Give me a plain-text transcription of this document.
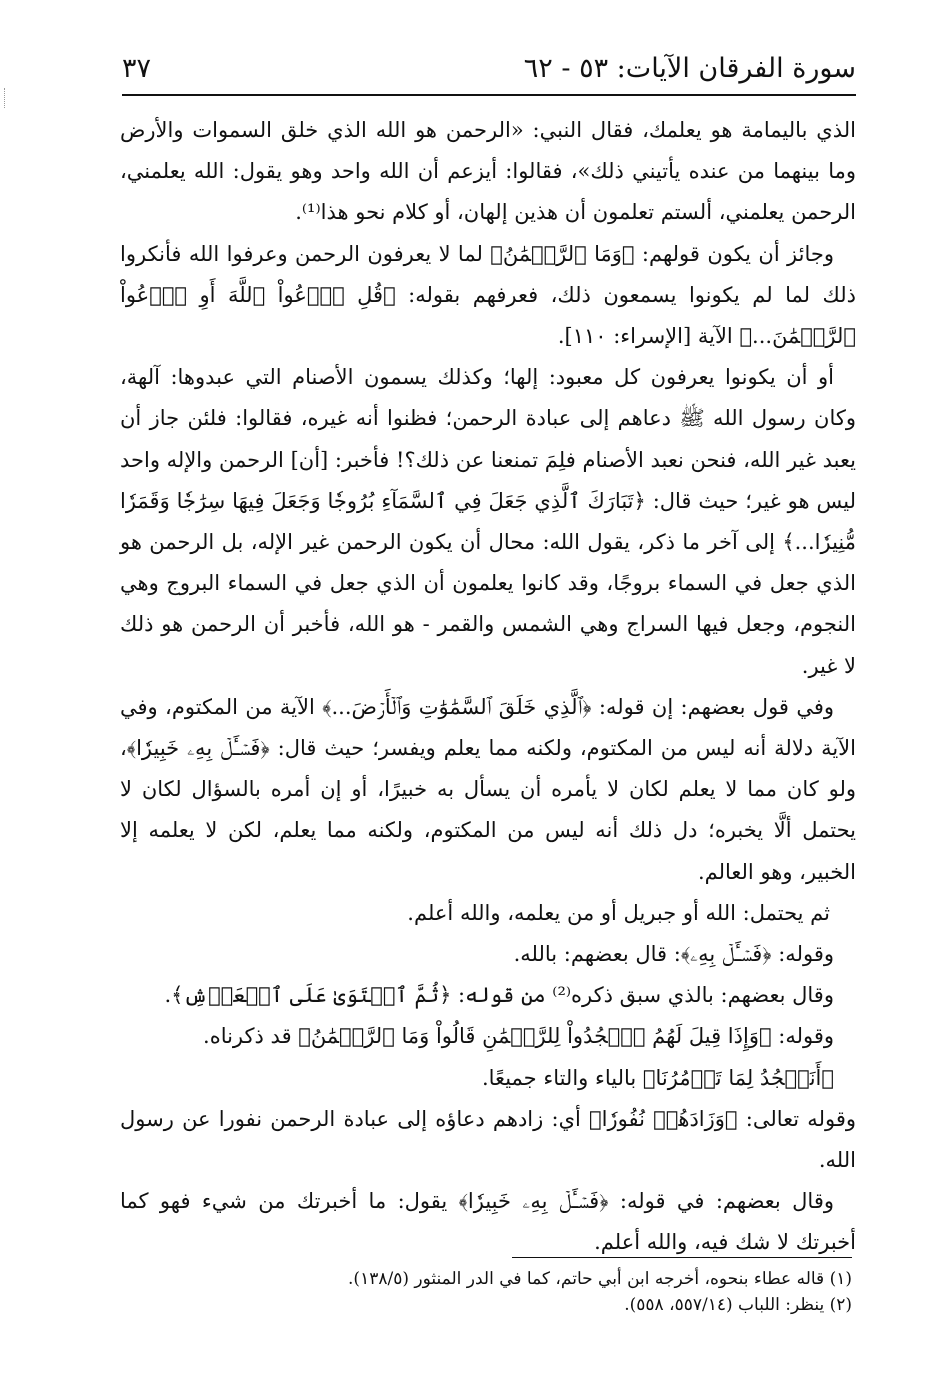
سورة الفرقان الآيات: ٥٣ - ٦٢
٣٧

الذي باليمامة هو يعلمك، فقال النبي: «الرحمن هو الله الذي خلق السموات والأرض وما بينهما من عنده يأتيني ذلك»، فقالوا: أيزعم أن الله واحد وهو يقول: الله يعلمني، الرحمن يعلمني، ألستم تعلمون أن هذين إلهان، أو كلام نحو هذا⁽¹⁾.

وجائز أن يكون قولهم: ﴿وَمَا ٱلرَّحۡمَٰنُ﴾ لما لا يعرفون الرحمن وعرفوا الله فأنكروا ذلك لما لم يكونوا يسمعون ذلك، فعرفهم بقوله: ﴿قُلِ ٱدۡعُواْ ٱللَّهَ أَوِ ٱدۡعُواْ ٱلرَّحۡمَٰنَ...﴾ الآية [الإسراء: ١١٠].

أو أن يكونوا يعرفون كل معبود: إلها؛ وكذلك يسمون الأصنام التي عبدوها: آلهة، وكان رسول الله ﷺ دعاهم إلى عبادة الرحمن؛ فظنوا أنه غيره، فقالوا: فلئن جاز أن يعبد غير الله، فنحن نعبد الأصنام فلِمَ تمنعنا عن ذلك؟! فأخبر: [أن] الرحمن والإله واحد ليس هو غير؛ حيث قال: ﴿تَبَارَكَ ٱلَّذِي جَعَلَ فِي ٱلسَّمَآءِ بُرُوجٗا وَجَعَلَ فِيهَا سِرَٰجٗا وَقَمَرٗا مُّنِيرٗا...﴾ إلى آخر ما ذكر، يقول الله: محال أن يكون الرحمن غير الإله، بل الرحمن هو الذي جعل في السماء بروجًا، وقد كانوا يعلمون أن الذي جعل في السماء البروج وهي النجوم، وجعل فيها السراج وهي الشمس والقمر - هو الله، فأخبر أن الرحمن هو ذلك لا غير.

وفي قول بعضهم: إن قوله: ﴿ٱلَّذِي خَلَقَ ٱلسَّمَٰوَٰتِ وَٱلۡأَرۡضَ...﴾ الآية من المكتوم، وفي الآية دلالة أنه ليس من المكتوم، ولكنه مما يعلم ويفسر؛ حيث قال: ﴿فَسۡـَٔلۡ بِهِۦ خَبِيرٗا﴾، ولو كان مما لا يعلم لكان لا يأمره أن يسأل به خبيرًا، أو إن أمره بالسؤال لكان لا يحتمل ألَّا يخبره؛ دل ذلك أنه ليس من المكتوم، ولكنه مما يعلم، لكن لا يعلمه إلا الخبير، وهو العالم.

ثم يحتمل: الله أو جبريل أو من يعلمه، والله أعلم.

وقوله: ﴿فَسۡـَٔلۡ بِهِۦ﴾: قال بعضهم: بالله.

وقال بعضهم: بالذي سبق ذكره⁽²⁾ من قوله: ﴿ثُمَّ ٱسۡتَوَىٰ عَلَى ٱلۡعَرۡشِ﴾.

وقوله: ﴿وَإِذَا قِيلَ لَهُمُ ٱسۡجُدُواْ لِلرَّحۡمَٰنِ قَالُواْ وَمَا ٱلرَّحۡمَٰنُ﴾ قد ذكرناه.

﴿أَنَسۡجُدُ لِمَا تَأۡمُرُنَا﴾ بالياء والتاء جميعًا.

وقوله تعالى: ﴿وَزَادَهُمۡ نُفُورٗا﴾ أي: زادهم دعاؤه إلى عبادة الرحمن نفورا عن رسول الله.

وقال بعضهم: في قوله: ﴿فَسۡـَٔلۡ بِهِۦ خَبِيرٗا﴾ يقول: ما أخبرتك من شيء فهو كما أخبرتك لا شك فيه، والله أعلم.

(١) قاله عطاء بنحوه، أخرجه ابن أبي حاتم، كما في الدر المنثور (١٣٨/٥).

(٢) ينظر: اللباب (٥٥٧/١٤، ٥٥٨).
